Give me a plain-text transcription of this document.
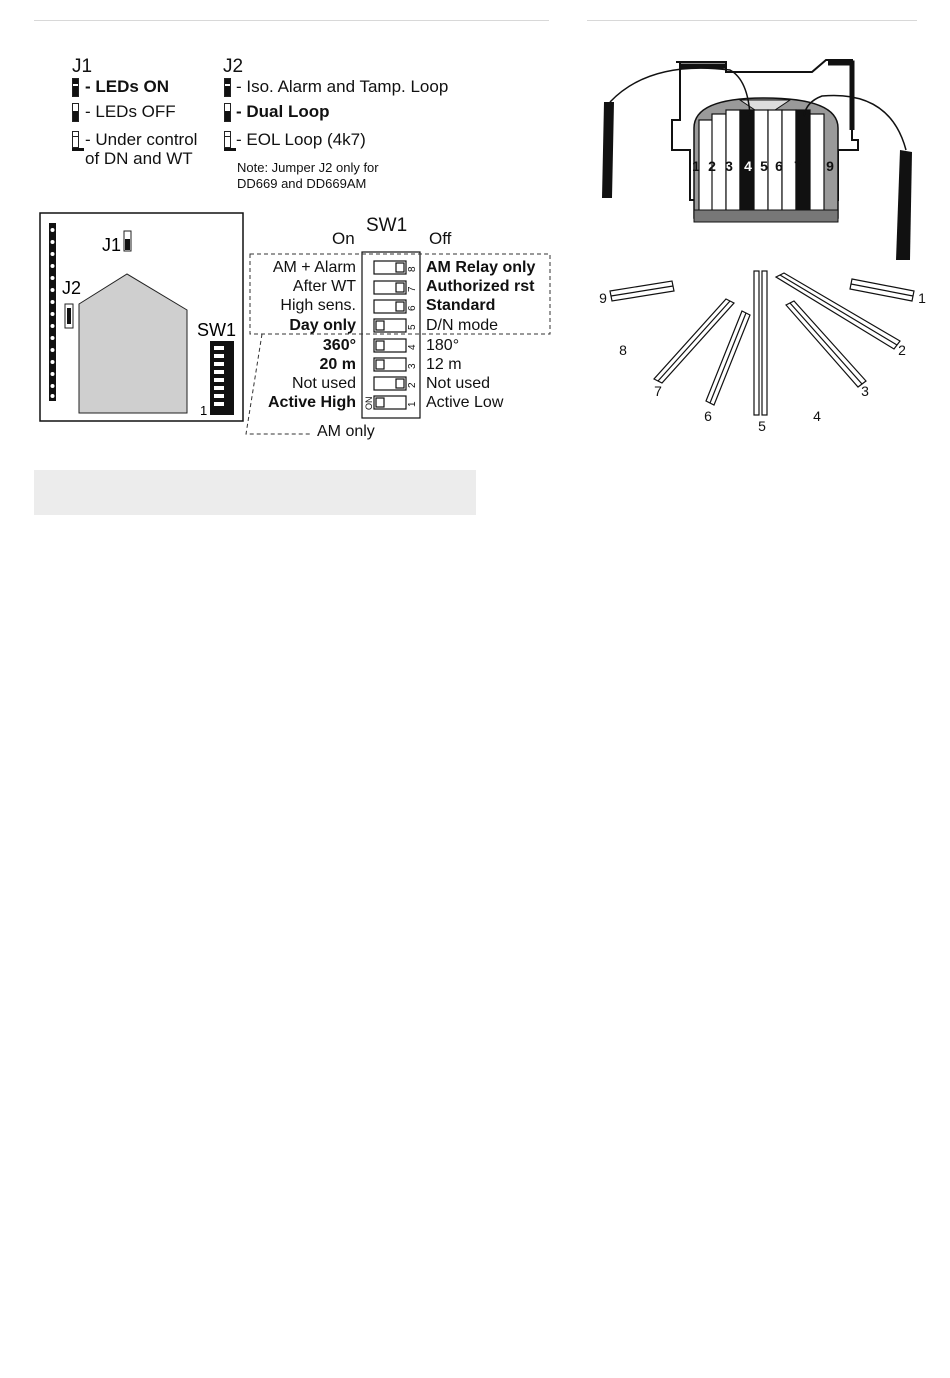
J1
- LEDs ON
- LEDs OFF
- Under control
of DN and WT
J2
- Iso. Alarm and Tamp. Loop
- Dual Loop
- EOL Loop (4k7)
Note: Jumper J2 only for
DD669 and DD669AM
J1
J2
SW1
1
SW1
On	Off
8
7
6
5
4
3
2
1
ON
AM + Alarm
After WT
High sens.
Day only
360°
20 m
Not used
Active High
AM Relay only
Authorized rst
Standard
D/N mode
180°
12 m
Not used
Active Low
AM only
1 2 3 4 5 6 7 8 9
1
2
3
4
5
6
7
8
9
